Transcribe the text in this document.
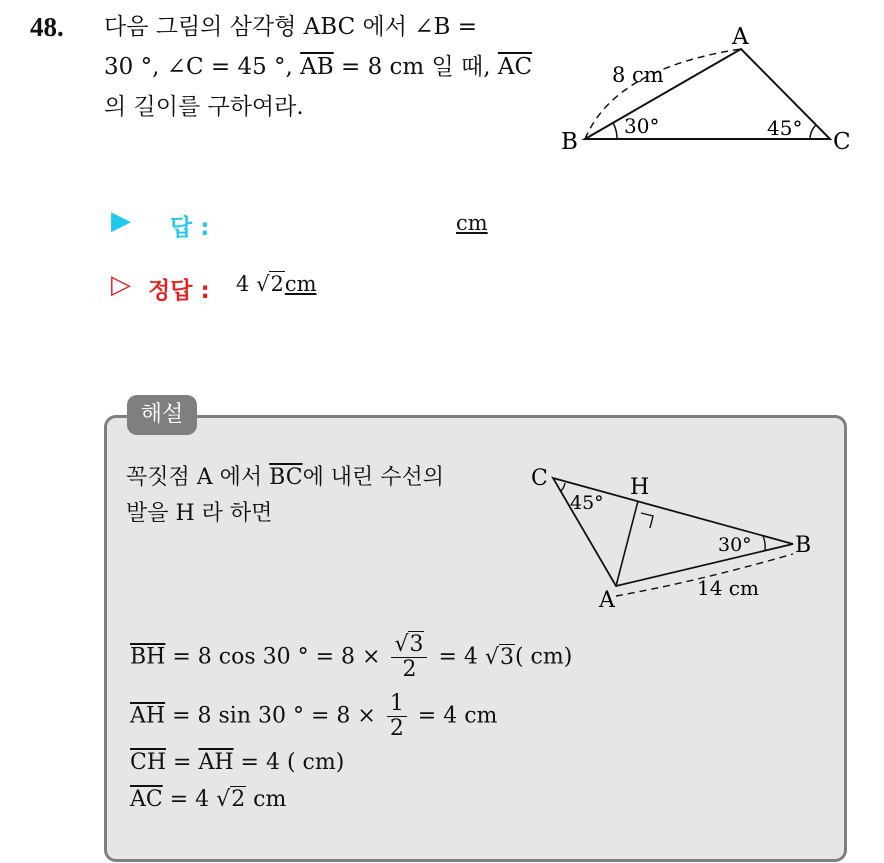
48. 다음 그림의 삼각형 ABC 에서 ∠B =
30 °, ∠C = 45 °, $\overline{AB} = 8$ cm 일 때, $\overline{AC}$
의 길이를 구하여라.
A
B	C
8 cm
30°	45°
▶ 답 :	cm
▷ 정답 : 4 √2cm
해설
꼭짓점 A 에서 $\overline{BC}$에 내린 수선의
발을 H 라 하면
C	H
B
A
45°
30°
14 cm
$\overline{BH} = 8$ cos 30 ° = $8 \times \frac{√3}{2} = 4$ √3( cm)
$\overline{AH} = 8$ sin 30 ° = $8 \times \frac{1}{2} = 4$ cm
$\overline{CH} = \overline{AH} = 4$ ( cm)
$\overline{AC} = 4$ √2 cm
